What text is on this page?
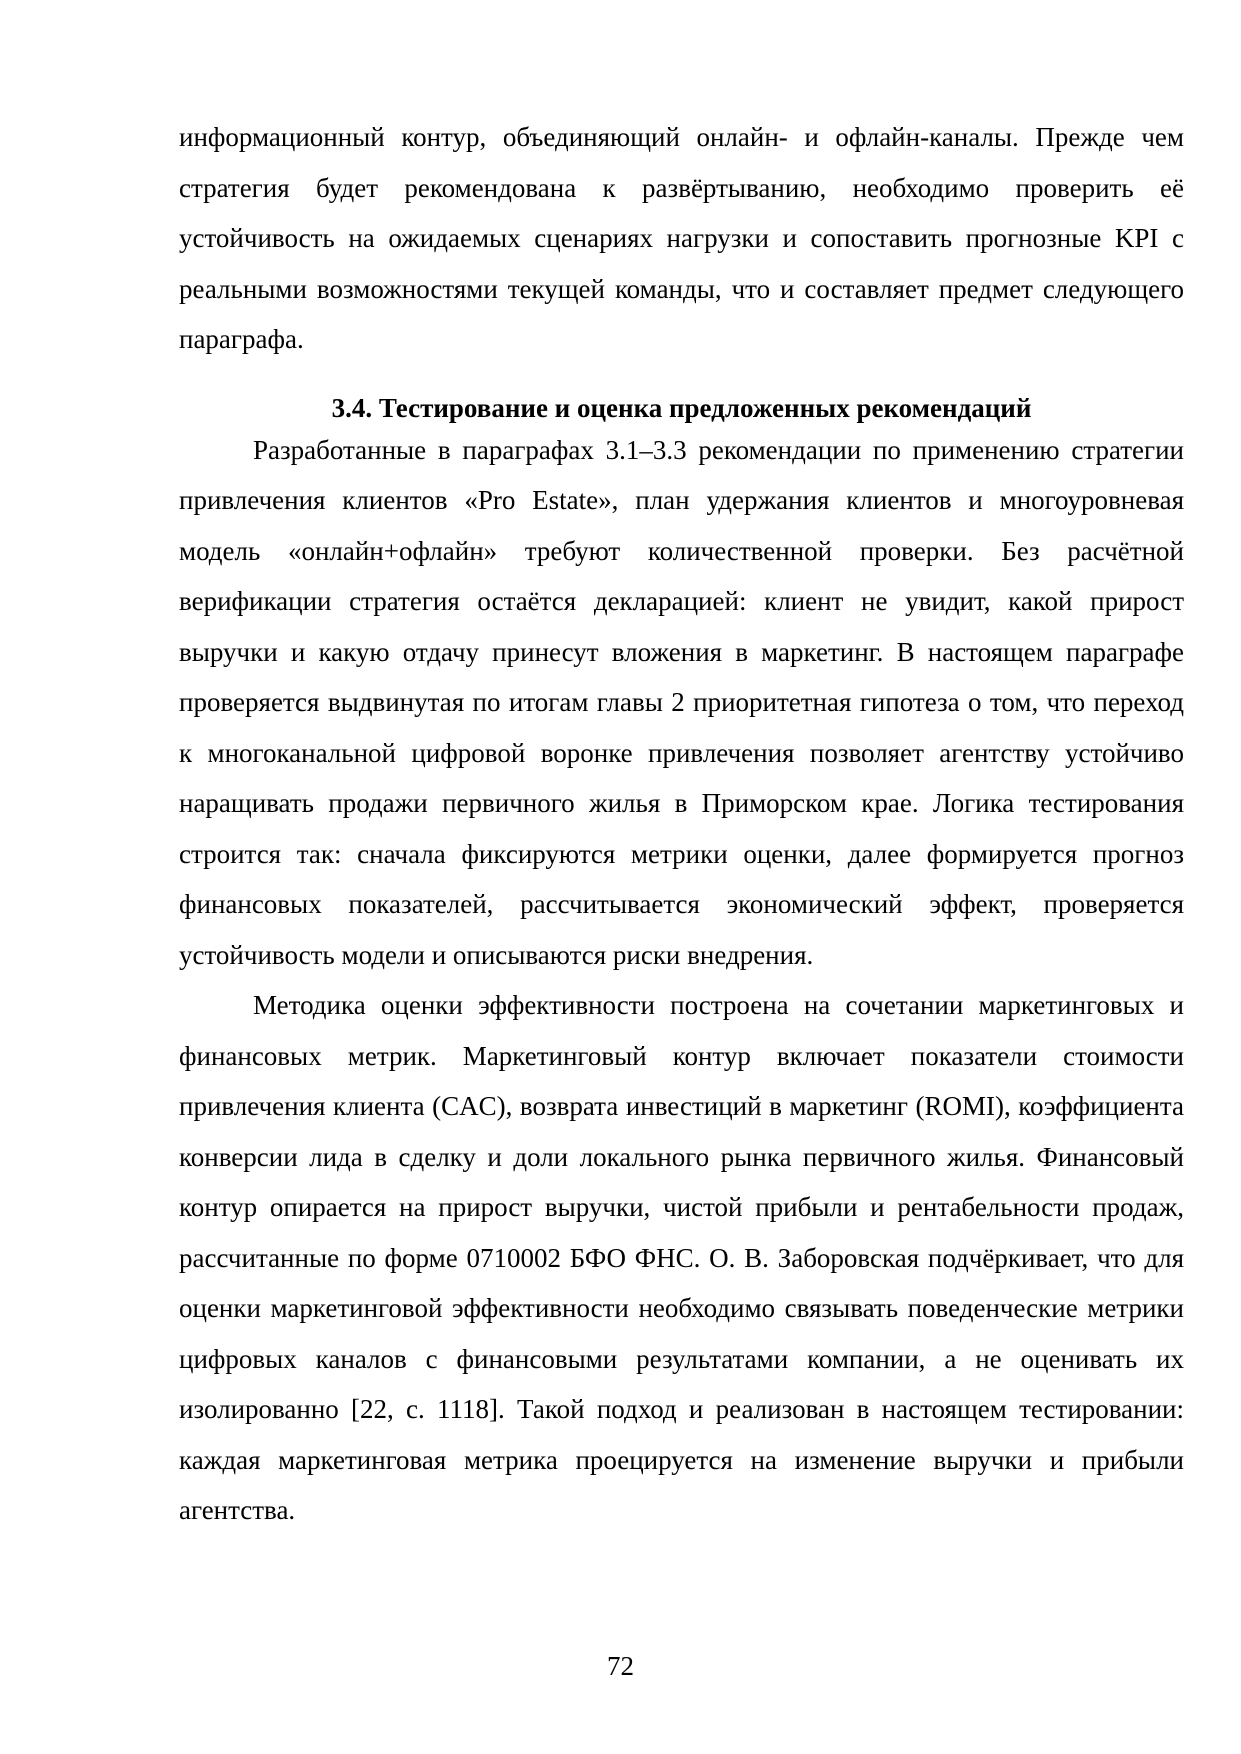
информационный контур, объединяющий онлайн- и офлайн-каналы. Прежде чем стратегия будет рекомендована к развёртыванию, необходимо проверить её устойчивость на ожидаемых сценариях нагрузки и сопоставить прогнозные KPI с реальными возможностями текущей команды, что и составляет предмет следующего параграфа.

3.4. Тестирование и оценка предложенных рекомендаций

Разработанные в параграфах 3.1–3.3 рекомендации по применению стратегии привлечения клиентов «Pro Estate», план удержания клиентов и многоуровневая модель «онлайн+офлайн» требуют количественной проверки. Без расчётной верификации стратегия остаётся декларацией: клиент не увидит, какой прирост выручки и какую отдачу принесут вложения в маркетинг. В настоящем параграфе проверяется выдвинутая по итогам главы 2 приоритетная гипотеза о том, что переход к многоканальной цифровой воронке привлечения позволяет агентству устойчиво наращивать продажи первичного жилья в Приморском крае. Логика тестирования строится так: сначала фиксируются метрики оценки, далее формируется прогноз финансовых показателей, рассчитывается экономический эффект, проверяется устойчивость модели и описываются риски внедрения.

Методика оценки эффективности построена на сочетании маркетинговых и финансовых метрик. Маркетинговый контур включает показатели стоимости привлечения клиента (CAC), возврата инвестиций в маркетинг (ROMI), коэффициента конверсии лида в сделку и доли локального рынка первичного жилья. Финансовый контур опирается на прирост выручки, чистой прибыли и рентабельности продаж, рассчитанные по форме 0710002 БФО ФНС. О. В. Заборовская подчёркивает, что для оценки маркетинговой эффективности необходимо связывать поведенческие метрики цифровых каналов с финансовыми результатами компании, а не оценивать их изолированно [22, с. 1118]. Такой подход и реализован в настоящем тестировании: каждая маркетинговая метрика проецируется на изменение выручки и прибыли агентства.

72
